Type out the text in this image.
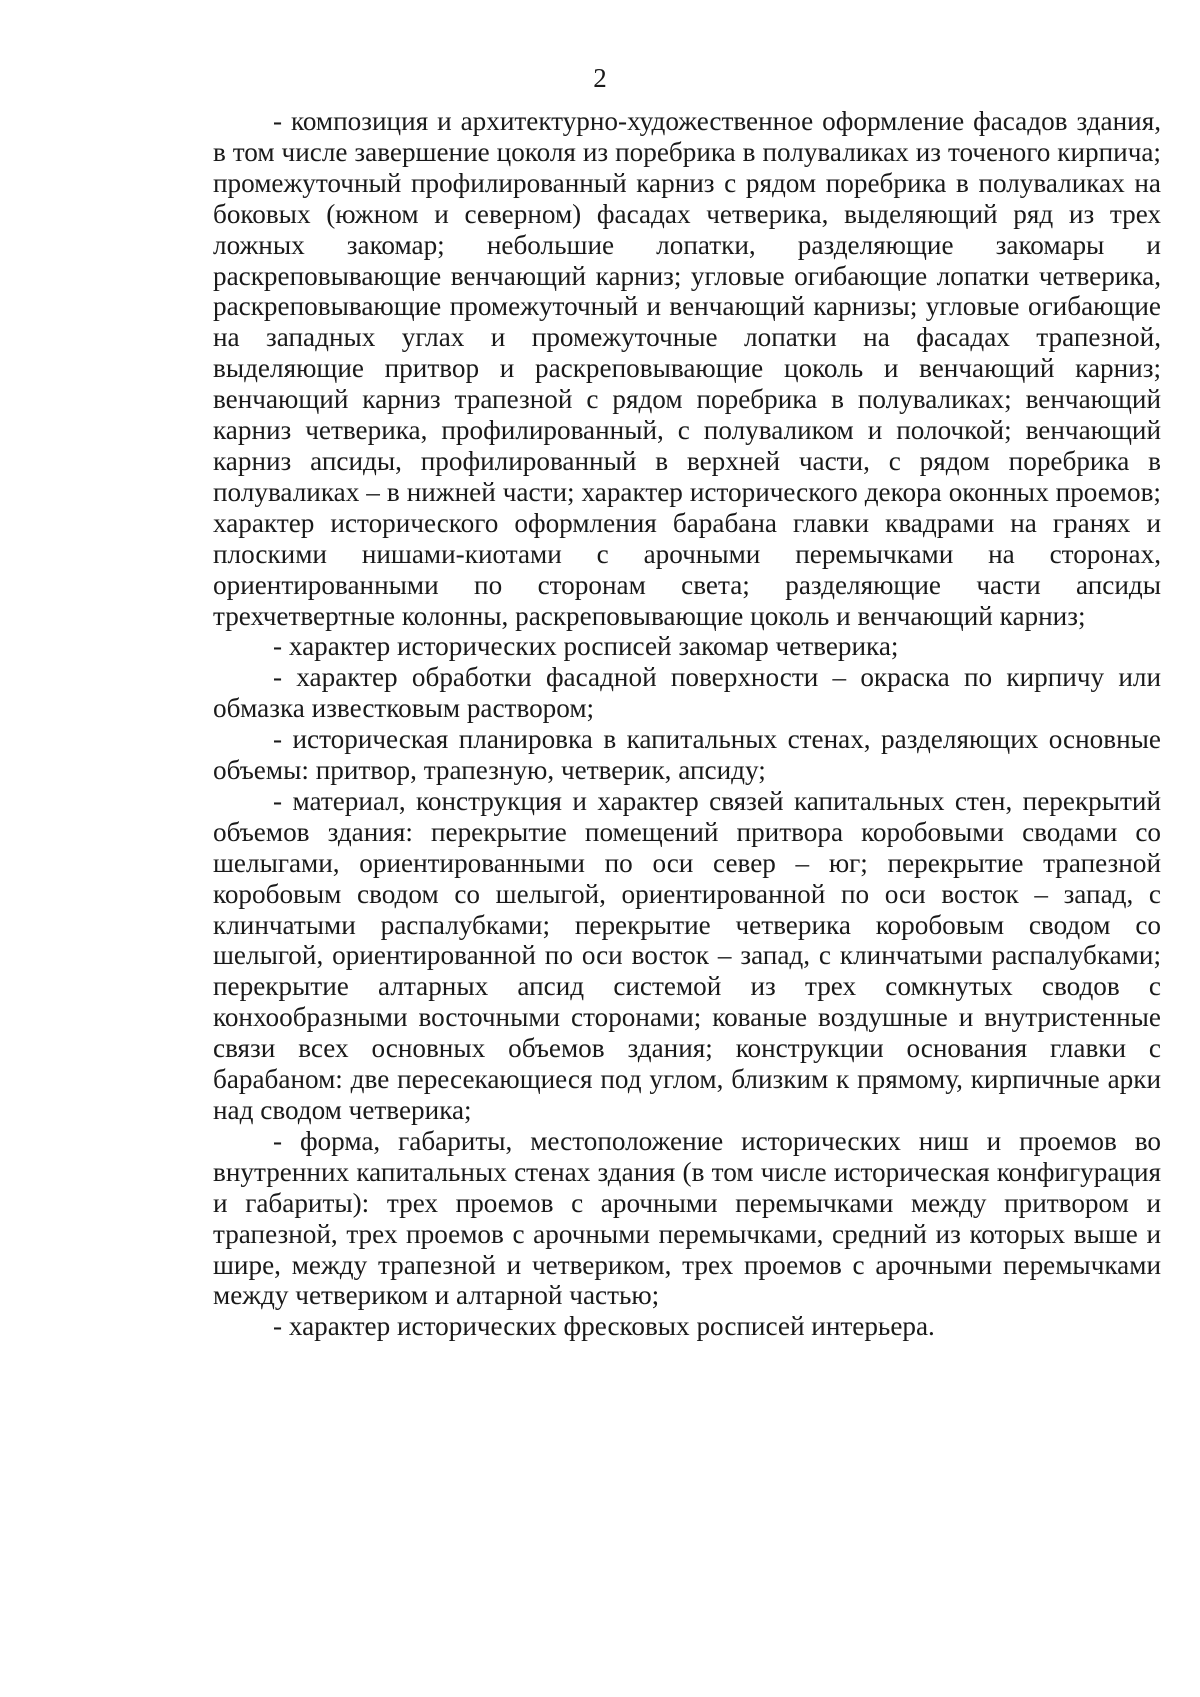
2

- композиция и архитектурно-художественное оформление фасадов здания, в том числе завершение цоколя из поребрика в полуваликах из точеного кирпича; промежуточный профилированный карниз с рядом поребрика в полуваликах на боковых (южном и северном) фасадах четверика, выделяющий ряд из трех ложных закомар; небольшие лопатки, разделяющие закомары и раскреповывающие венчающий карниз; угловые огибающие лопатки четверика, раскреповывающие промежуточный и венчающий карнизы; угловые огибающие на западных углах и промежуточные лопатки на фасадах трапезной, выделяющие притвор и раскреповывающие цоколь и венчающий карниз; венчающий карниз трапезной с рядом поребрика в полуваликах; венчающий карниз четверика, профилированный, с полуваликом и полочкой; венчающий карниз апсиды, профилированный в верхней части, с рядом поребрика в полуваликах – в нижней части; характер исторического декора оконных проемов; характер исторического оформления барабана главки квадрами на гранях и плоскими нишами-киотами с арочными перемычками на сторонах, ориентированными по сторонам света; разделяющие части апсиды трехчетвертные колонны, раскреповывающие цоколь и венчающий карниз;

- характер исторических росписей закомар четверика;

- характер обработки фасадной поверхности – окраска по кирпичу или обмазка известковым раствором;

- историческая планировка в капитальных стенах, разделяющих основные объемы: притвор, трапезную, четверик, апсиду;

- материал, конструкция и характер связей капитальных стен, перекрытий объемов здания: перекрытие помещений притвора коробовыми сводами со шелыгами, ориентированными по оси север – юг; перекрытие трапезной коробовым сводом со шелыгой, ориентированной по оси восток – запад, с клинчатыми распалубками; перекрытие четверика коробовым сводом со шелыгой, ориентированной по оси восток – запад, с клинчатыми распалубками; перекрытие алтарных апсид системой из трех сомкнутых сводов с конхообразными восточными сторонами; кованые воздушные и внутристенные связи всех основных объемов здания; конструкции основания главки с барабаном: две пересекающиеся под углом, близким к прямому, кирпичные арки над сводом четверика;

- форма, габариты, местоположение исторических ниш и проемов во внутренних капитальных стенах здания (в том числе историческая конфигурация и габариты): трех проемов с арочными перемычками между притвором и трапезной, трех проемов с арочными перемычками, средний из которых выше и шире, между трапезной и четвериком, трех проемов с арочными перемычками между четвериком и алтарной частью;

- характер исторических фресковых росписей интерьера.
